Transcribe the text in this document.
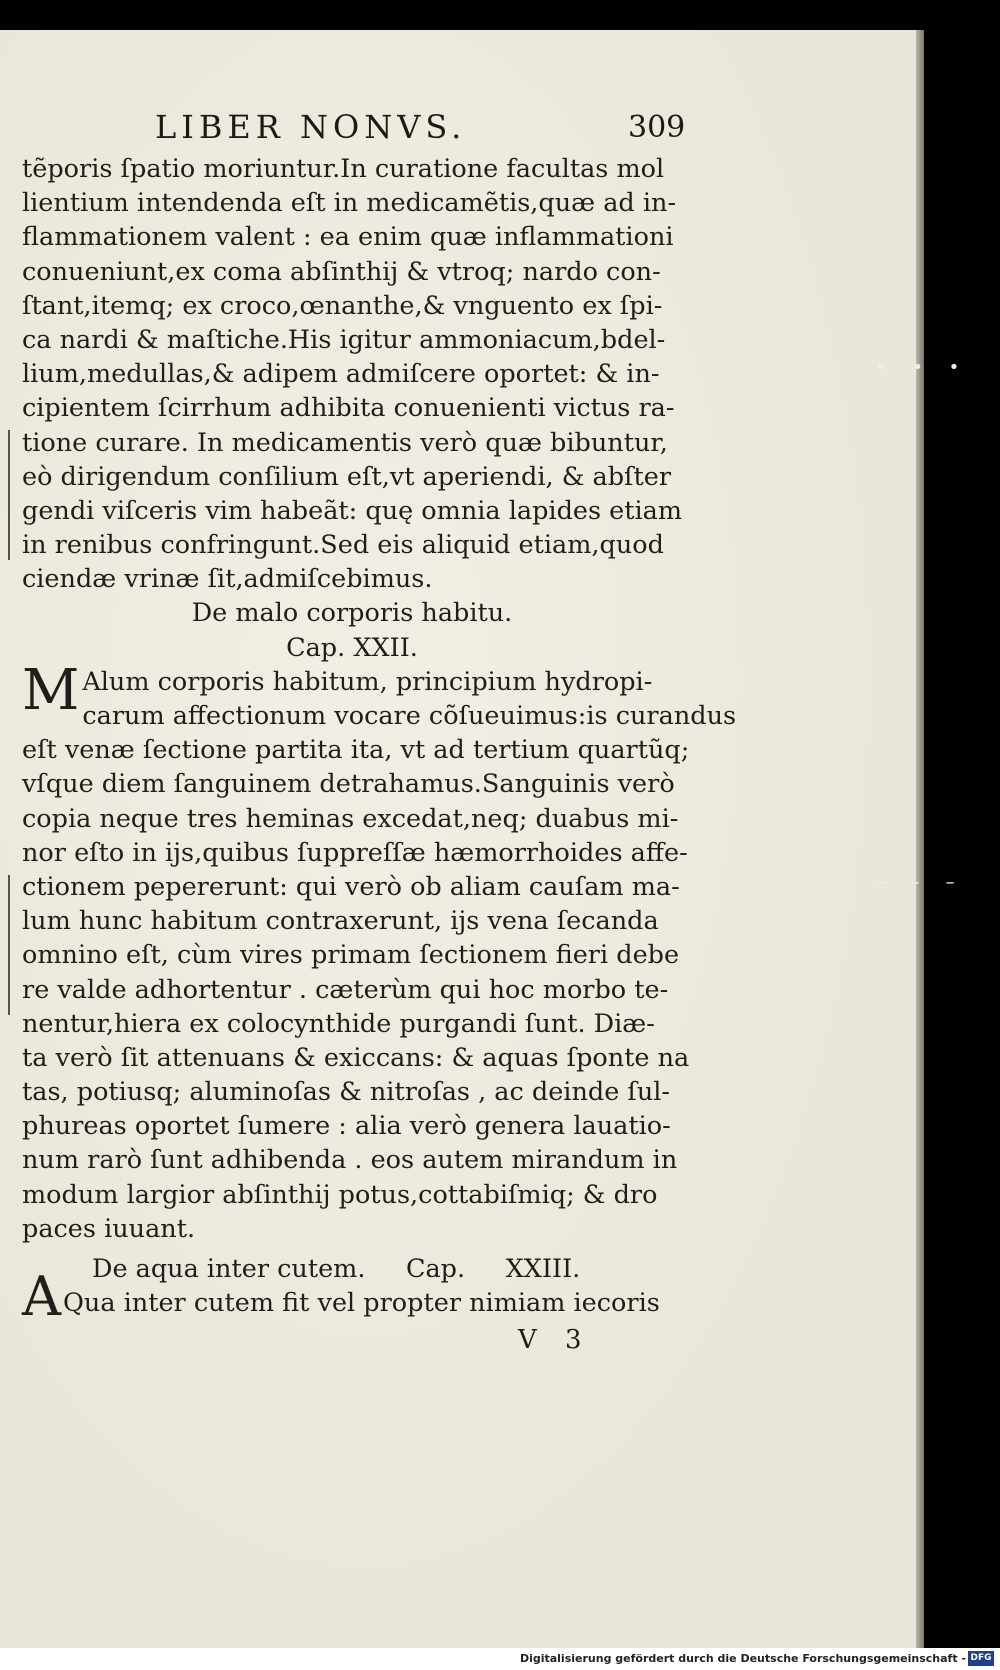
• • •
– – –
LIBER NONVS.	309
tẽporis ſpatio moriuntur.In curatione facultas mol
lientium intendenda eſt in medicamẽtis,quæ ad in-
flammationem valent : ea enim quæ inflammationi
conueniunt,ex coma abſinthij & vtroq; nardo con-
ſtant,itemq; ex croco,œnanthe,& vnguento ex ſpi-
ca nardi & maſtiche.His igitur ammoniacum,bdel-
lium,medullas,& adipem admiſcere oportet: & in-
cipientem ſcirrhum adhibita conuenienti victus ra-
tione curare. In medicamentis verò quæ bibuntur,
eò dirigendum conſilium eſt,vt aperiendi, & abſter
gendi viſceris vim habeãt: quę omnia lapides etiam
in renibus confringunt.Sed eis aliquid etiam,quod
ciendæ vrinæ ſit,admiſcebimus.
De malo corporis habitu.
Cap. XXII.
M Alum corporis habitum, principium hydropi-
carum affectionum vocare cõſueuimus:is curandus
eſt venæ ſectione partita ita, vt ad tertium quartũq;
vſque diem ſanguinem detrahamus.Sanguinis verò
copia neque tres heminas excedat,neq; duabus mi-
nor eſto in ijs,quibus ſuppreſſæ hæmorrhoides affe-
ctionem pepererunt: qui verò ob aliam cauſam ma-
lum hunc habitum contraxerunt, ijs vena ſecanda
omnino eſt, cùm vires primam ſectionem fieri debe
re valde adhortentur . cæterùm qui hoc morbo te-
nentur,hiera ex colocynthide purgandi ſunt. Diæ-
ta verò ſit attenuans & exiccans: & aquas ſponte na
tas, potiusq; aluminoſas & nitroſas , ac deinde ſul-
phureas oportet ſumere : alia verò genera lauatio-
num rarò ſunt adhibenda . eos autem mirandum in
modum largior abſinthij potus,cottabiſmiq; & dro
paces iuuant.
A	De aqua inter cutem.     Cap.     XXIII.
Qua inter cutem fit vel propter nimiam iecoris
V 3
Digitalisierung gefördert durch die Deutsche Forschungsgemeinschaft - DFG
